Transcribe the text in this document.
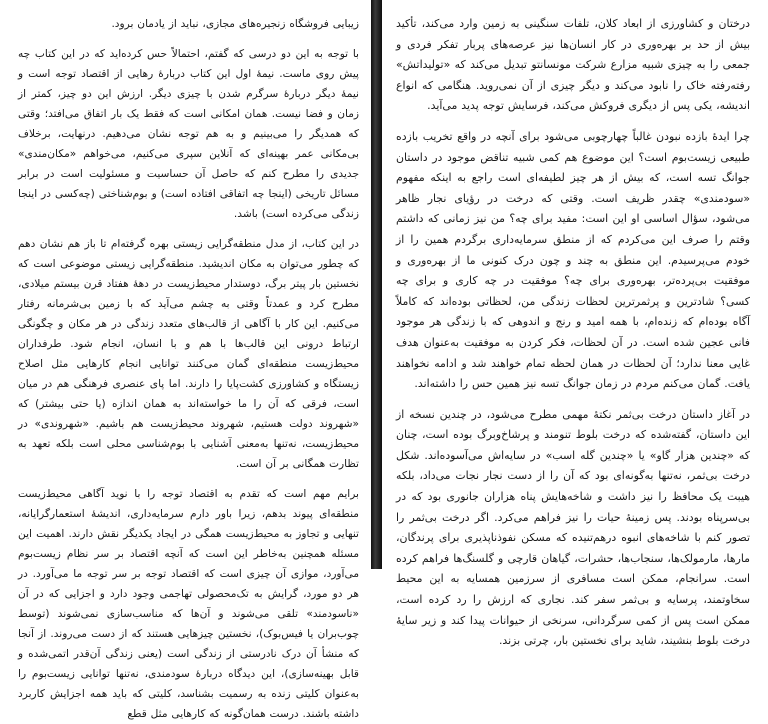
زیبایی فروشگاه زنجیره‌های مجازی، نباید از یادمان برود.

با توجه به این دو درسی که گفتم، احتمالاً حس کرده‌اید که در این کتاب چه پیش روی ماست. نیمهٔ اول این کتاب دربارهٔ رهایی از اقتصاد توجه است و نیمهٔ دیگر دربارهٔ سرگرم شدن با چیزی دیگر. ارزش این دو چیز، کمتر از زمان و فضا نیست. همان امکانی است که فقط یک بار اتفاق می‌افتد؛ وقتی که همدیگر را می‌بینیم و به هم توجه نشان می‌دهیم. درنهایت، برخلاف بی‌مکانی عمر بهینه‌ای که آنلاین سپری می‌کنیم، می‌خواهم «مکان‌مندی» جدیدی را مطرح کنم که حاصل آن حساسیت و مسئولیت است در برابر مسائل تاریخی (اینجا چه اتفاقی افتاده است) و بوم‌شناختی (چه‌کسی در اینجا زندگی می‌کرده است) باشد.

در این کتاب، از مدل منطقه‌گرایی زیستی بهره گرفته‌ام تا باز هم نشان دهم که چطور می‌توان به مکان اندیشید. منطقه‌گرایی زیستی موضوعی است که نخستین بار پیتر برگ، دوستدار محیط‌زیست در دههٔ هفتاد قرن بیستم میلادی، مطرح کرد و عمدتاً وقتی به چشم می‌آید که با زمین بی‌شرمانه رفتار می‌کنیم. این کار با آگاهی از قالب‌های متعدد زندگی در هر مکان و چگونگی ارتباط درونی این قالب‌ها با هم و با انسان، انجام شود. طرفداران محیط‌زیست منطقه‌ای گمان می‌کنند توانایی انجام کارهایی مثل اصلاح زیستگاه و کشاورزی کشت‌پایا را دارند. اما پای عنصری فرهنگی هم در میان است، فرقی که آن را ما خواسته‌اند به همان اندازه (یا حتی بیشتر) که «شهروند دولت هستیم، شهروند محیط‌زیست هم باشیم. «شهروندی» در محیط‌زیست، نه‌تنها به‌معنی آشنایی با بوم‌شناسی محلی است بلکه تعهد به تظارت همگانی بر آن است.

برایم مهم است که تقدم به اقتصاد توجه را با نوید آگاهی محیط‌زیست منطقه‌ای پیوند بدهم، زیرا باور دارم سرمایه‌داری، اندیشهٔ استعمارگرایانه، تنهایی و تجاوز به محیط‌زیست همگی در ایجاد یکدیگر نقش دارند. اهمیت این مسئله همچنین به‌خاطر این است که آنچه اقتصاد بر سر نظام زیست‌بوم می‌آورد، موازی آن چیزی است که اقتصاد توجه بر سر توجه ما می‌آورد. در هر دو مورد، گرایش به تک‌محصولی تهاجمی وجود دارد و اجزایی که در آن «ناسودمند» تلقی می‌شوند و آن‌ها که مناسب‌سازی نمی‌شوند (توسط چوب‌بران یا فیس‌بوک)، نخستین چیزهایی هستند که از دست می‌روند. از آنجا که منشأ آن درک نادرستی از زندگی است (یعنی زندگی آن‌قدر اتمی‌شده و قابل بهینه‌سازی)، این دیدگاه دربارهٔ سودمندی، نه‌تنها توانایی زیست‌بوم را به‌عنوان کلیتی زنده به رسمیت بشناسد، کلیتی که باید همه اجزایش کاربرد داشته باشند. درست همان‌گونه که کارهایی مثل قطع

درختان و کشاورزی از ابعاد کلان، تلفات سنگینی به زمین وارد می‌کند، تأکید بیش از حد بر بهره‌وری در کار انسان‌ها نیز عرصه‌های پربار تفکر فردی و جمعی را به چیزی شبیه مزارع شرکت مونسانتو تبدیل می‌کند که «تولیداتش» رفته‌رفته خاک را نابود می‌کند و دیگر چیزی از آن نمی‌روید. هنگامی که انواع اندیشه، یکی پس از دیگری فروکش می‌کند، فرسایش توجه پدید می‌آید.

چرا ایدهٔ بازده نبودن غالباً چهارچوبی می‌شود برای آنچه در واقع تخریب بازده طبیعی زیست‌بوم است؟ این موضوع هم کمی شبیه تناقض موجود در داستان جوانگ تسه است، که بیش از هر چیز لطیفه‌ای است راجع به اینکه مفهوم «سودمندی» چقدر ظریف است. وقتی که درخت در رؤیای نجار ظاهر می‌شود، سؤال اساسی او این است: مفید برای چه؟ من نیز زمانی که داشتم وقتم را صرف این می‌کردم که از منطق سرمایه‌داری برگردم همین را از خودم می‌پرسیدم. این منطق به چند و چون درک کنونی ما از بهره‌وری و موفقیت بی‌پرده‌تر، بهره‌وری برای چه؟ موفقیت در چه کاری و برای چه کسی؟ شادترین و پرثمرترین لحظات زندگی من، لحظاتی بوده‌اند که کاملاً آگاه بوده‌ام که زنده‌ام، با همه امید و رنج و اندوهی که با زندگی هر موجود فانی عجین شده است. در آن لحظات، فکر کردن به موفقیت به‌عنوان هدف غایی معنا ندارد؛ آن لحظات در همان لحظه تمام خواهند شد و ادامه نخواهند یافت. گمان می‌کنم مردم در زمان جوانگ تسه نیز همین حس را داشته‌اند.

در آغاز داستان درخت بی‌ثمر نکتهٔ مهمی مطرح می‌شود، در چندین نسخه از این داستان، گفته‌شده که درخت بلوط تنومند و پرشاخ‌وبرگ بوده است، چنان که «چندین هزار گاو» یا «چندین گله اسب» در سایه‌اش می‌آسوده‌اند. شکل درخت بی‌ثمر، نه‌تنها به‌گونه‌ای بود که آن را از دست نجار نجات می‌داد، بلکه هیبت یک محافظ را نیز داشت و شاخه‌هایش پناه هزاران جانوری بود که در بی‌سرپناه بودند. پس زمینهٔ حیات را نیز فراهم می‌کرد. اگر درخت بی‌ثمر را تصور کنم با شاخه‌های انبوه درهم‌تنیده که مسکن نفوذناپذیری برای پرندگان، مارها، مارمولک‌ها، سنجاب‌ها، حشرات، گیاهان قارچی و گلسنگ‌ها فراهم کرده است. سرانجام، ممکن است مسافری از سرزمین همسایه به این محیط سخاوتمند، پرسایه و بی‌ثمر سفر کند. نجاری که ارزش را رد کرده است، ممکن است پس از کمی سرگردانی، سرنخی از حیوانات پیدا کند و زیر سایهٔ درخت بلوط بنشیند، شاید برای نخستین بار، چرتی بزند.
